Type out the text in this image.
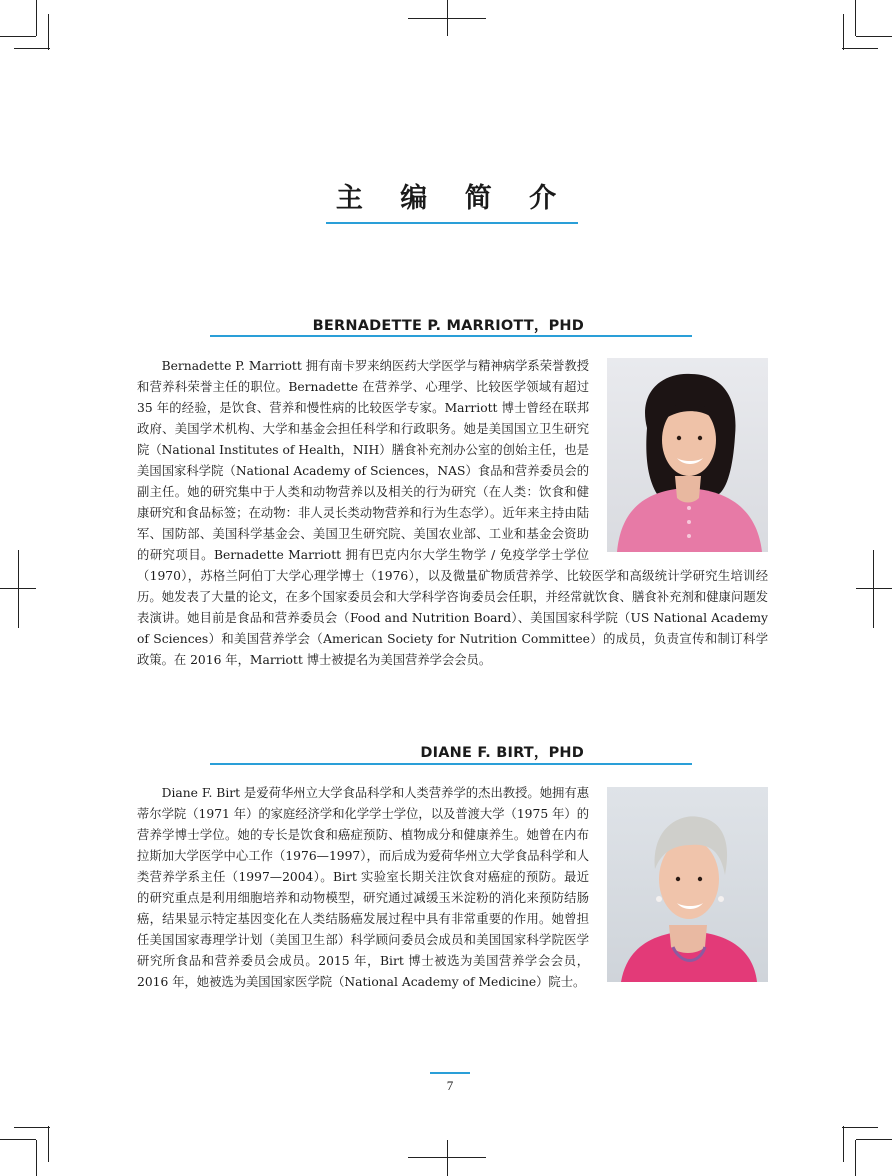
主 编 简 介
BERNADETTE P. MARRIOTT，PHD

Bernadette P. Marriott 拥有南卡罗来纳医药大学医学与精神病学系荣誉教授和营养科荣誉主任的职位。Bernadette 在营养学、心理学、比较医学领域有超过 35 年的经验，是饮食、营养和慢性病的比较医学专家。Marriott 博士曾经在联邦政府、美国学术机构、大学和基金会担任科学和行政职务。她是美国国立卫生研究院（National Institutes of Health，NIH）膳食补充剂办公室的创始主任，也是美国国家科学院（National Academy of Sciences，NAS）食品和营养委员会的副主任。她的研究集中于人类和动物营养以及相关的行为研究（在人类：饮食和健康研究和食品标签；在动物：非人灵长类动物营养和行为生态学）。近年来主持由陆军、国防部、美国科学基金会、美国卫生研究院、美国农业部、工业和基金会资助的研究项目。Bernadette Marriott 拥有巴克内尔大学生物学 / 免疫学学士学位（1970），苏格兰阿伯丁大学心理学博士（1976），以及微量矿物质营养学、比较医学和高级统计学研究生培训经历。她发表了大量的论文，在多个国家委员会和大学科学咨询委员会任职，并经常就饮食、膳食补充剂和健康问题发表演讲。她目前是食品和营养委员会（Food and Nutrition Board）、美国国家科学院（US National Academy of Sciences）和美国营养学会（American Society for Nutrition Committee）的成员，负责宣传和制订科学政策。在 2016 年，Marriott 博士被提名为美国营养学会会员。

DIANE F. BIRT，PHD

Diane F. Birt 是爱荷华州立大学食品科学和人类营养学的杰出教授。她拥有惠蒂尔学院（1971 年）的家庭经济学和化学学士学位，以及普渡大学（1975 年）的营养学博士学位。她的专长是饮食和癌症预防、植物成分和健康养生。她曾在内布拉斯加大学医学中心工作（1976—1997），而后成为爱荷华州立大学食品科学和人类营养学系主任（1997—2004）。Birt 实验室长期关注饮食对癌症的预防。最近的研究重点是利用细胞培养和动物模型，研究通过减缓玉米淀粉的消化来预防结肠癌，结果显示特定基因变化在人类结肠癌发展过程中具有非常重要的作用。她曾担任美国国家毒理学计划（美国卫生部）科学顾问委员会成员和美国国家科学院医学研究所食品和营养委员会成员。2015 年，Birt 博士被选为美国营养学会会员，2016 年，她被选为美国国家医学院（National Academy of Medicine）院士。

7
